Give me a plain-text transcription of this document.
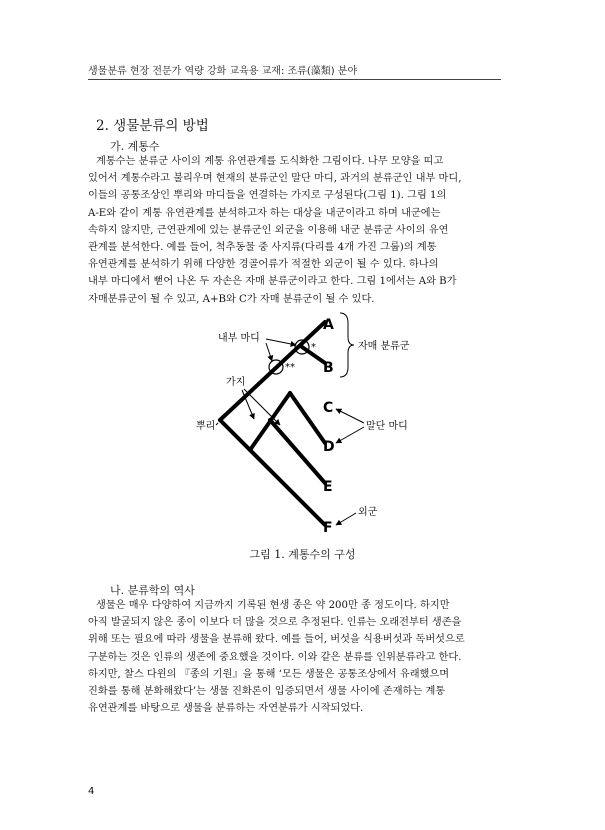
생물분류 현장 전문가 역량 강화 교육용 교재: 조류(藻類) 분야
2. 생물분류의 방법
가. 계통수
계통수는 분류군 사이의 계통 유연관계를 도식화한 그림이다. 나무 모양을 띠고
있어서 계통수라고 불리우며 현재의 분류군인 말단 마디, 과거의 분류군인 내부 마디,
이들의 공통조상인 뿌리와 마디들을 연결하는 가지로 구성된다(그림 1). 그림 1의
A-E와 같이 계통 유연관계를 분석하고자 하는 대상을 내군이라고 하며 내군에는
속하지 않지만, 근연관계에 있는 분류군인 외군을 이용해 내군 분류군 사이의 유연
관계를 분석한다. 예를 들어, 척추동물 중 사지류(다리를 4개 가진 그룹)의 계통
유연관계를 분석하기 위해 다양한 경골어류가 적절한 외군이 될 수 있다. 하나의
내부 마디에서 뻗어 나온 두 자손은 자매 분류군이라고 한다. 그림 1에서는 A와 B가
자매분류군이 될 수 있고, A+B와 C가 자매 분류군이 될 수 있다.
*
**
A
B
C
D
E
F
자매 분류군
내부 마디
가지
뿌리	말단 마디
외군
그림 1. 계통수의 구성
나. 분류학의 역사
생물은 매우 다양하여 지금까지 기록된 현생 종은 약 200만 종 정도이다. 하지만
아직 발굴되지 않은 종이 이보다 더 많을 것으로 추정된다. 인류는 오래전부터 생존을
위해 또는 필요에 따라 생물을 분류해 왔다. 예를 들어, 버섯을 식용버섯과 독버섯으로
구분하는 것은 인류의 생존에 중요했을 것이다. 이와 같은 분류를 인위분류라고 한다.
하지만, 찰스 다윈의 『종의 기원』을 통해 ‘모든 생물은 공통조상에서 유래했으며
진화를 통해 분화해왔다’는 생물 진화론이 입증되면서 생물 사이에 존재하는 계통
유연관계를 바탕으로 생물을 분류하는 자연분류가 시작되었다.
4
